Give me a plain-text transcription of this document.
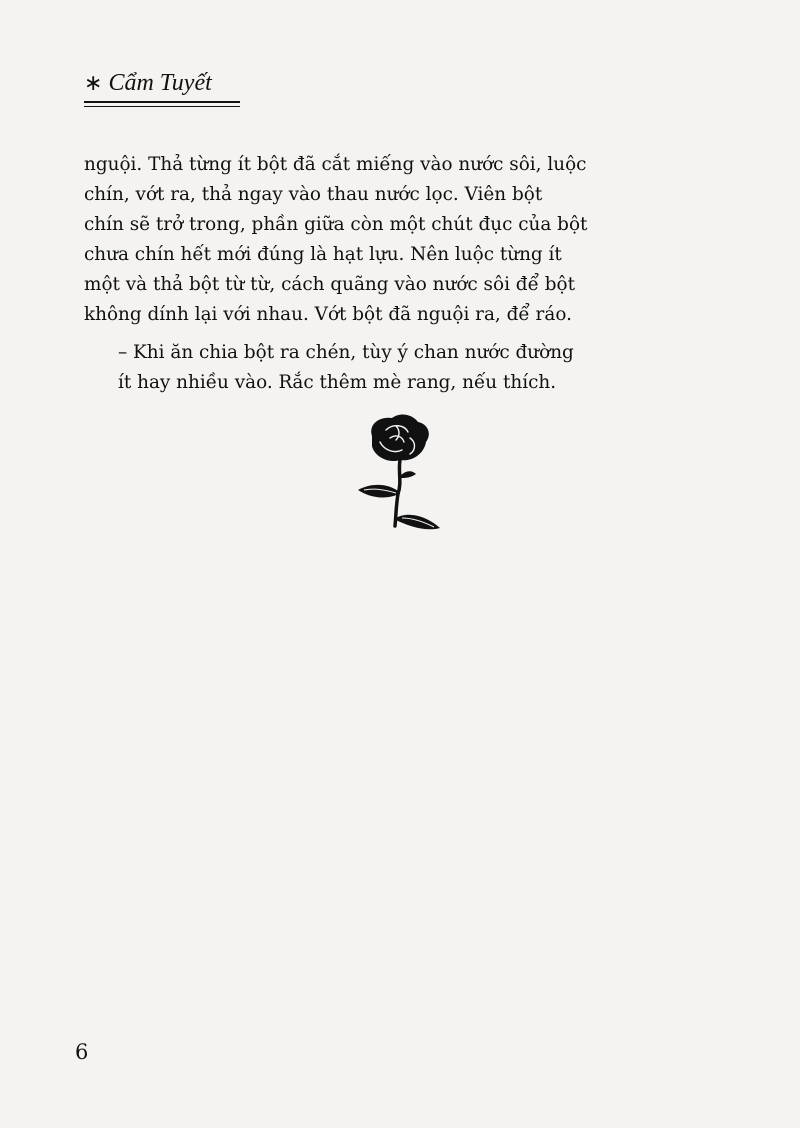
∗ Cẩm Tuyết

nguội. Thả từng ít bột đã cắt miếng vào nước sôi, luộc
chín, vớt ra, thả ngay vào thau nước lọc. Viên bột
chín sẽ trở trong, phần giữa còn một chút đục của bột
chưa chín hết mới đúng là hạt lựu. Nên luộc từng ít
một và thả bột từ từ, cách quãng vào nước sôi để bột
không dính lại với nhau. Vớt bột đã nguội ra, để ráo.

– Khi ăn chia bột ra chén, tùy ý chan nước đường
ít hay nhiều vào. Rắc thêm mè rang, nếu thích.

6
